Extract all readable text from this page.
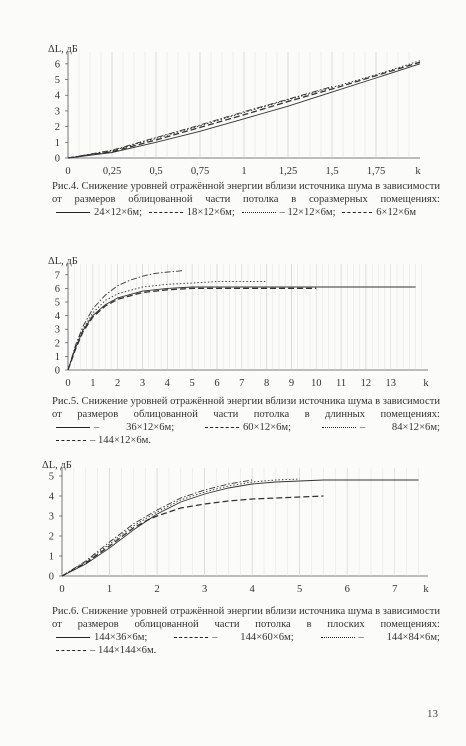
ΔL, дБ
0	0,25	0,5	0,75	1	1,25	1,5	1,75	k
0
1
2
3
4
5
6
Рис.4. Снижение уровней отражённой энергии вблизи источника шума в зависимости от размеров облицованной части потолка в соразмерных помещениях: 24×12×6м;	18×12×6м;	– 12×12×6м;	6×12×6м
ΔL, дБ
0 1 2 3 4 5 6 7 8 9 10 11 12 13	k
0
1
2
3
4
5
6
7
Рис.5. Снижение уровней отражённой энергии вблизи источника шума в зависимости от размеров облицованной части потолка в длинных помещениях: – 36×12×6м;	60×12×6м;	– 84×12×6м; – 144×12×6м.
ΔL, дБ
0	1	2	3	4	5	6	7 k
0
1
2
3
4
5
Рис.6. Снижение уровней отражённой энергии вблизи источника шума в зависимости от размеров облицованной части потолка в плоских помещениях: 144×36×6м;	– 144×60×6м;	– 144×84×6м; – 144×144×6м.
13
